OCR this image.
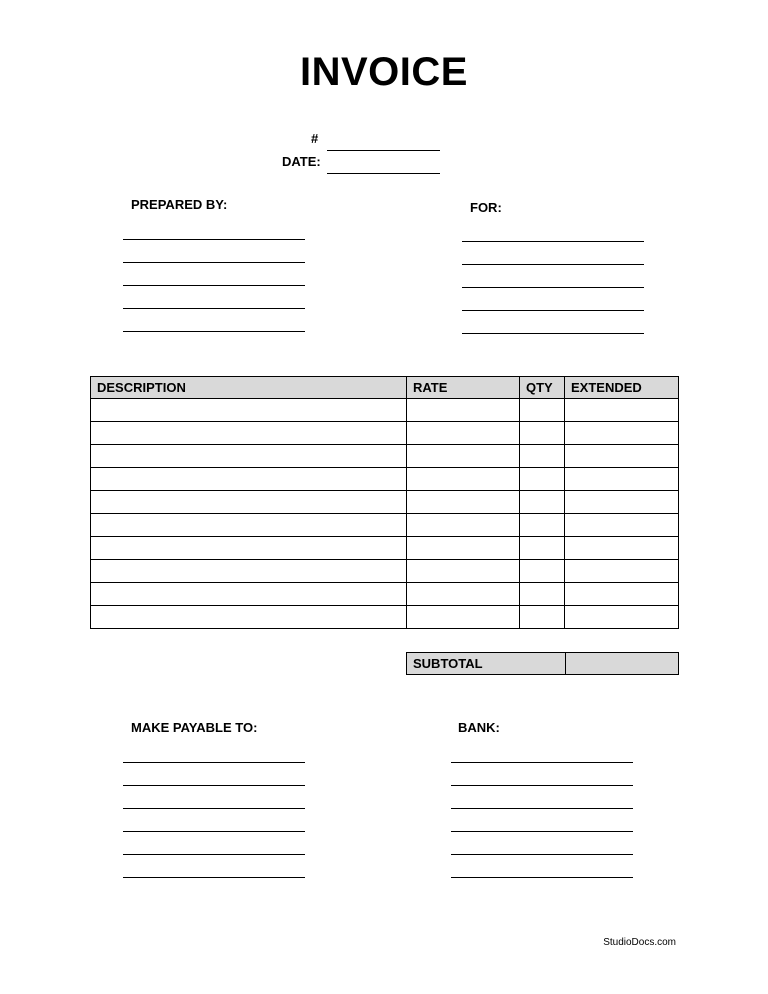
INVOICE
#
DATE:
PREPARED BY:	FOR:
DESCRIPTION	RATE	QTY	EXTENDED

SUBTOTAL	
MAKE PAYABLE TO:	BANK:
StudioDocs.com
